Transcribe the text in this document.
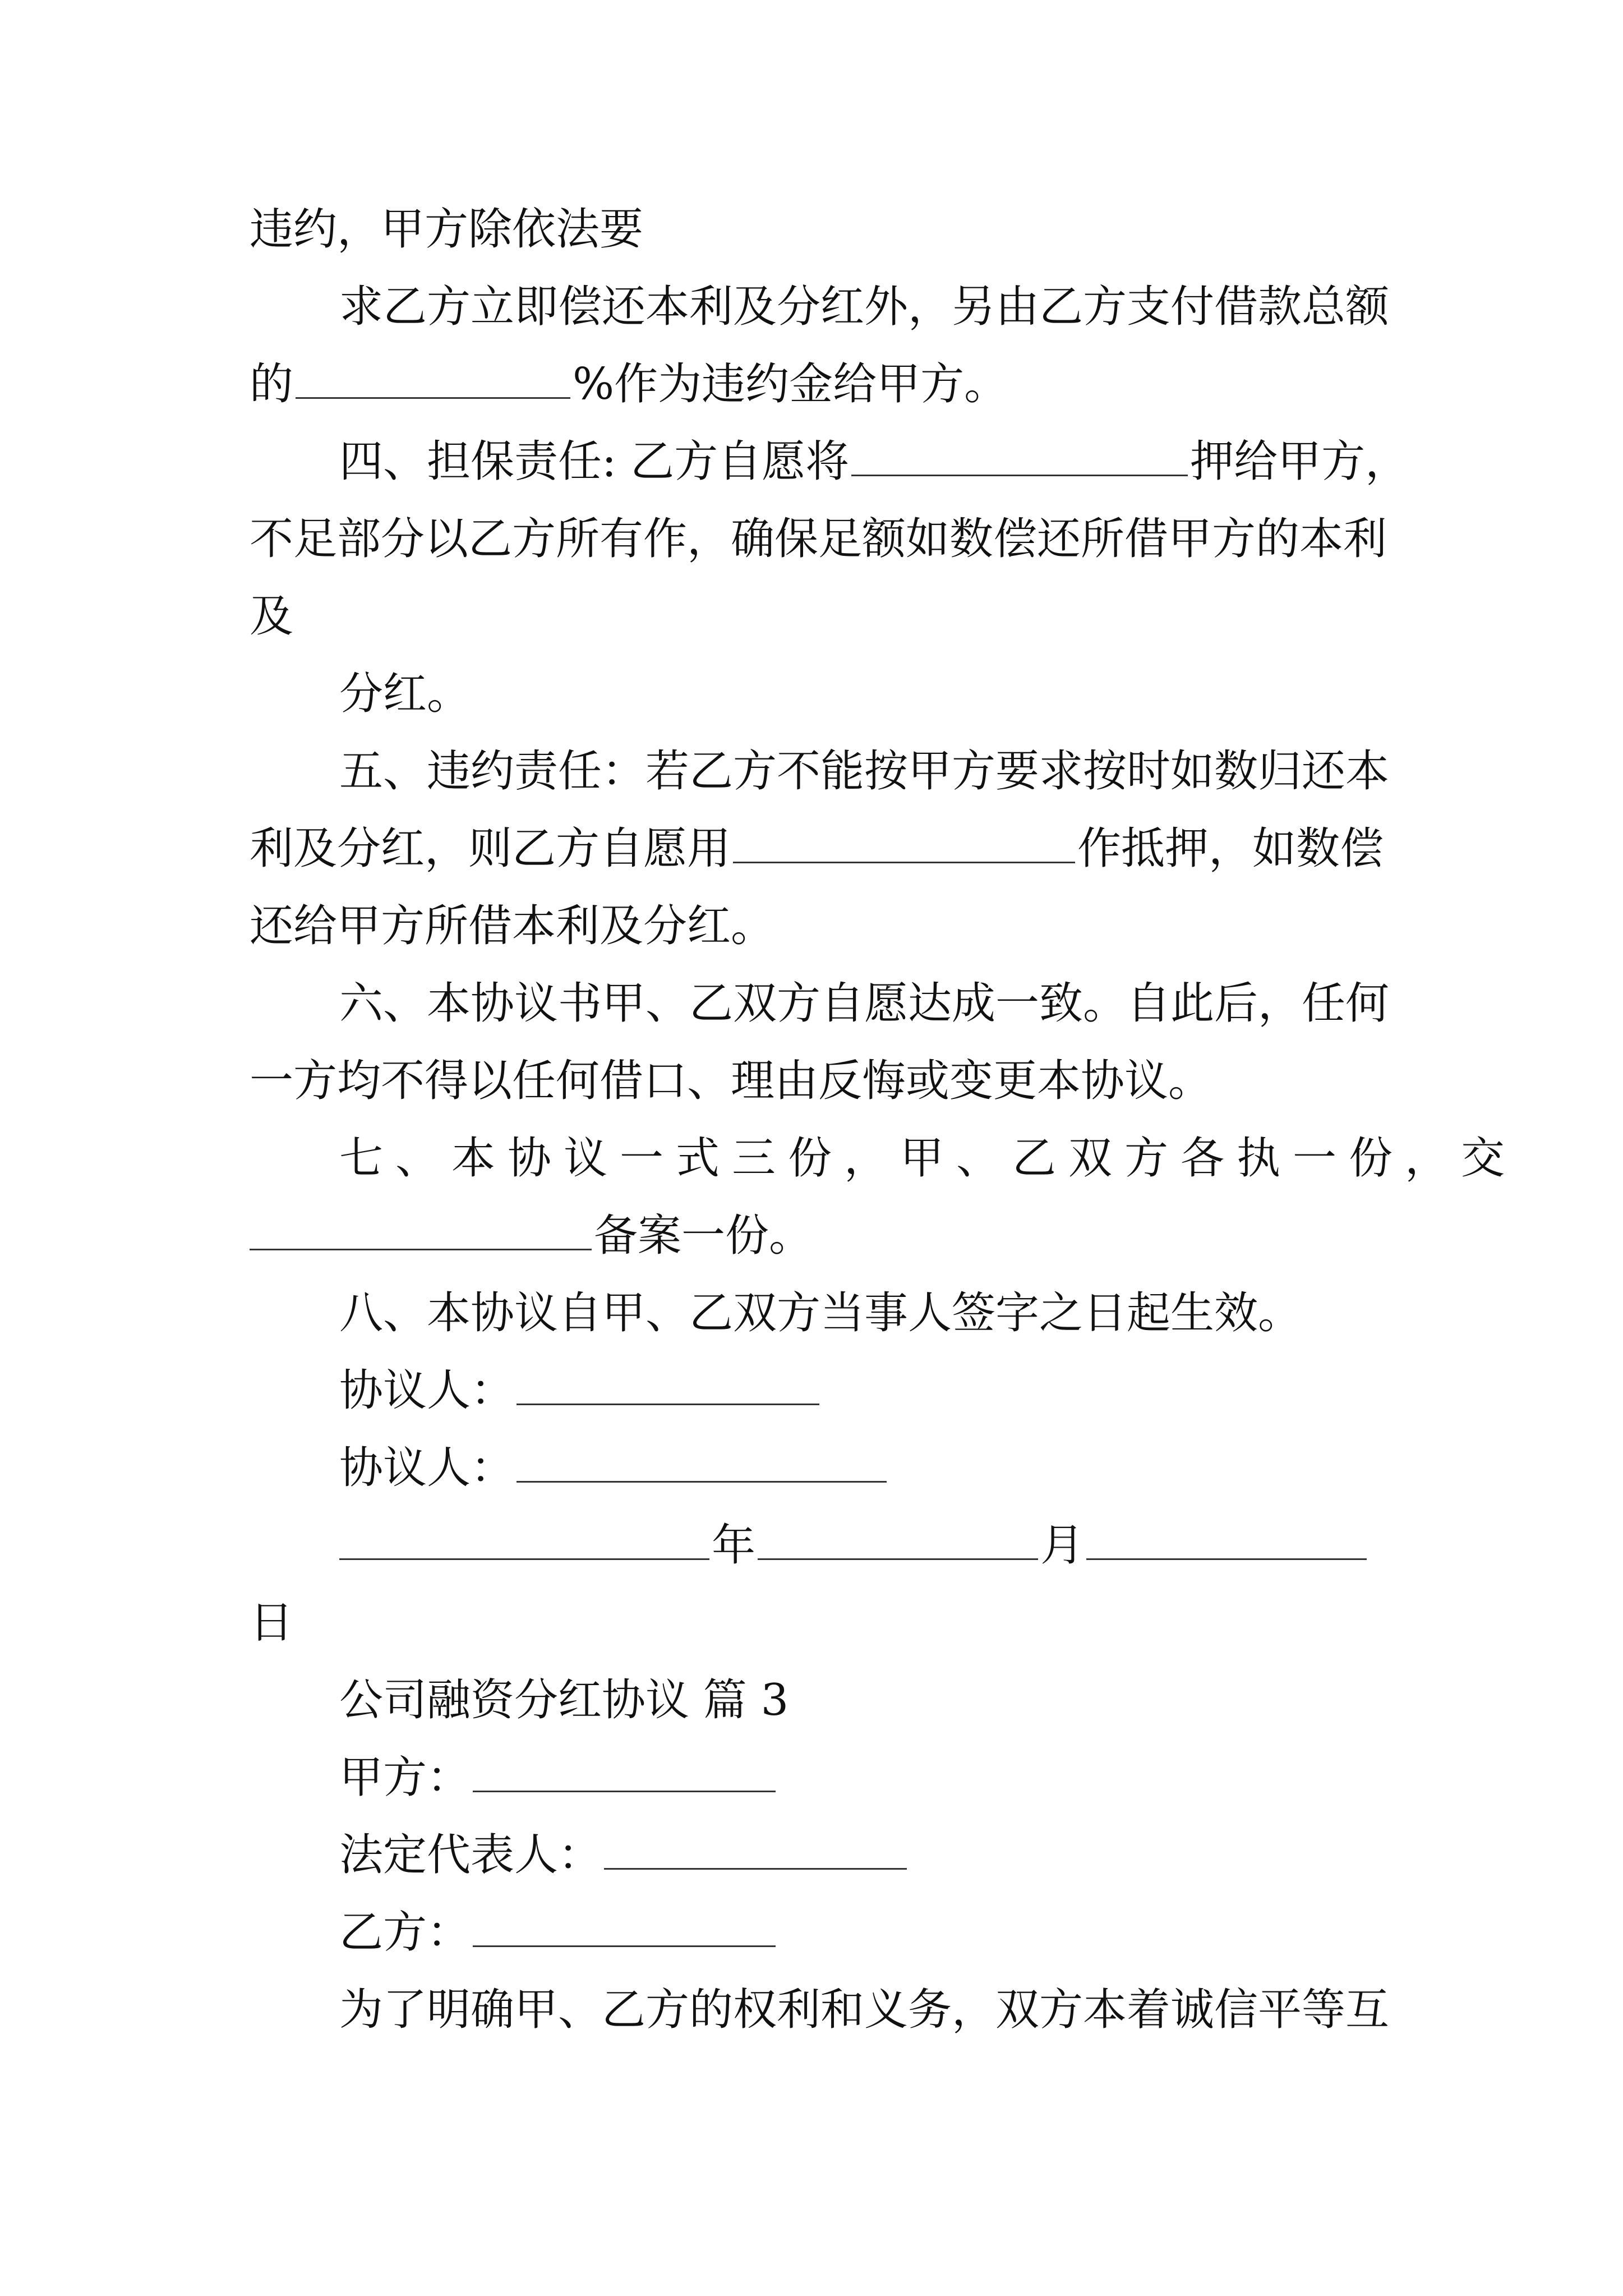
违约，甲方除依法要

求乙方立即偿还本利及分红外，另由乙方支付借款总额

的	%作为违约金给甲方。

四、担保责任: 乙方自愿将	押给甲方，

不足部分以乙方所有作，确保足额如数偿还所借甲方的本利

及

分红。

五、违约责任：若乙方不能按甲方要求按时如数归还本

利及分红，则乙方自愿用	作抵押，如数偿

还给甲方所借本利及分红。

六、本协议书甲、乙双方自愿达成一致。自此后，任何

一方均不得以任何借口、理由反悔或变更本协议。

七、本协议一式三份，甲、乙双方各执一份，交

备案一份。

八、本协议自甲、乙双方当事人签字之日起生效。

协议人：

协议人：

年	月

日

公司融资分红协议 篇 3

甲方：

法定代表人：

乙方：

为了明确甲、乙方的权利和义务，双方本着诚信平等互
